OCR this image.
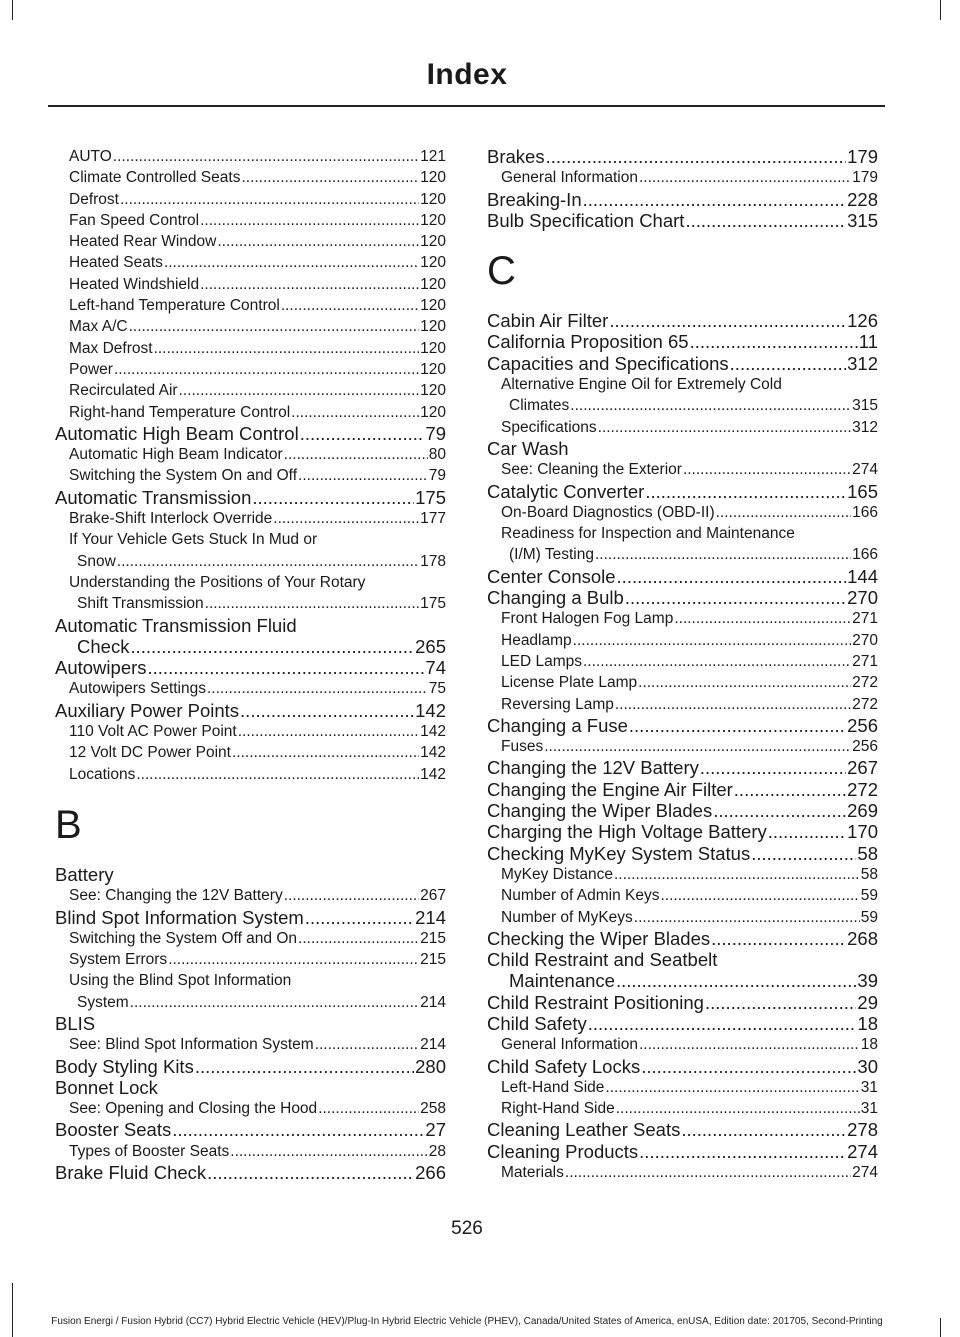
Index
AUTO .....	121
Climate Controlled Seats .....	120
Defrost .....	120
Fan Speed Control .....	120
Heated Rear Window .....	120
Heated Seats .....	120
Heated Windshield .....	120
Left-hand Temperature Control .....	120
Max A/C .....	120
Max Defrost .....	120
Power .....	120
Recirculated Air .....	120
Right-hand Temperature Control .....	120
Automatic High Beam Control .....	79
Automatic High Beam Indicator .....	80
Switching the System On and Off .....	79
Automatic Transmission .....	175
Brake-Shift Interlock Override .....	177
If Your Vehicle Gets Stuck In Mud or
Snow .....	178
Understanding the Positions of Your Rotary
Shift Transmission .....	175
Automatic Transmission Fluid
Check .....	265
Autowipers .....	74
Autowipers Settings .....	75
Auxiliary Power Points .....	142
110 Volt AC Power Point .....	142
12 Volt DC Power Point .....	142
Locations .....	142
B
Battery
See: Changing the 12V Battery .....	267
Blind Spot Information System .....	214
Switching the System Off and On .....	215
System Errors .....	215
Using the Blind Spot Information
System .....	214
BLIS
See: Blind Spot Information System .....	214
Body Styling Kits .....	280
Bonnet Lock
See: Opening and Closing the Hood .....	258
Booster Seats .....	27
Types of Booster Seats .....	28
Brake Fluid Check .....	266
Brakes .....	179
General Information .....	179
Breaking-In .....	228
Bulb Specification Chart .....	315
C
Cabin Air Filter .....	126
California Proposition 65 .....	11
Capacities and Specifications .....	312
Alternative Engine Oil for Extremely Cold
Climates .....	315
Specifications .....	312
Car Wash
See: Cleaning the Exterior .....	274
Catalytic Converter .....	165
On-Board Diagnostics (OBD-II) .....	166
Readiness for Inspection and Maintenance
(I/M) Testing .....	166
Center Console .....	144
Changing a Bulb .....	270
Front Halogen Fog Lamp .....	271
Headlamp .....	270
LED Lamps .....	271
License Plate Lamp .....	272
Reversing Lamp .....	272
Changing a Fuse .....	256
Fuses .....	256
Changing the 12V Battery .....	267
Changing the Engine Air Filter .....	272
Changing the Wiper Blades .....	269
Charging the High Voltage Battery .....	170
Checking MyKey System Status .....	58
MyKey Distance .....	58
Number of Admin Keys .....	59
Number of MyKeys .....	59
Checking the Wiper Blades .....	268
Child Restraint and Seatbelt
Maintenance .....	39
Child Restraint Positioning .....	29
Child Safety .....	18
General Information .....	18
Child Safety Locks .....	30
Left-Hand Side .....	31
Right-Hand Side .....	31
Cleaning Leather Seats .....	278
Cleaning Products .....	274
Materials .....	274
526
Fusion Energi / Fusion Hybrid (CC7) Hybrid Electric Vehicle (HEV)/Plug-In Hybrid Electric Vehicle (PHEV), Canada/United States of America, enUSA, Edition date: 201705, Second-Printing
